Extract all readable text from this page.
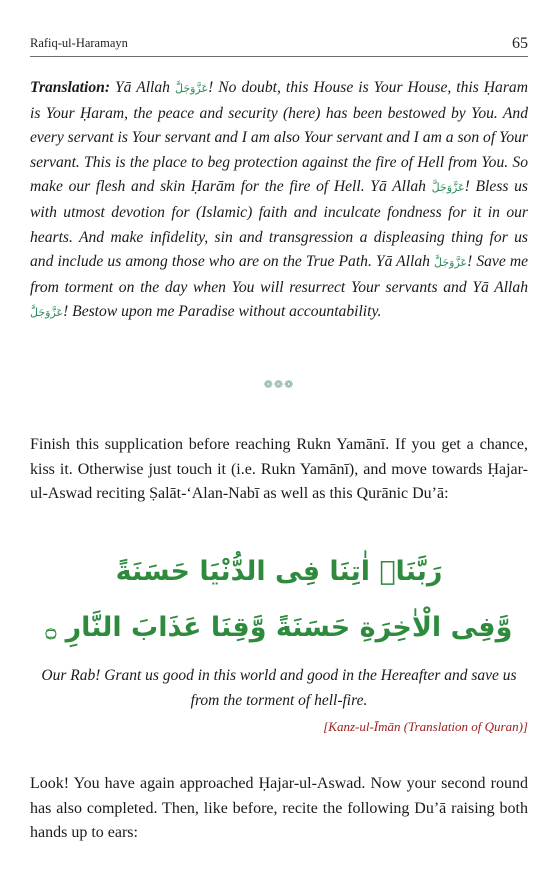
Rafiq-ul-Haramayn	65

Translation: Yā Allah عَزَّوَجَلَّ! No doubt, this House is Your House, this Ḥaram is Your Ḥaram, the peace and security (here) has been bestowed by You. And every servant is Your servant and I am also Your servant and I am a son of Your servant. This is the place to beg protection against the fire of Hell from You. So make our flesh and skin Ḥarām for the fire of Hell. Yā Allah عَزَّوَجَلَّ! Bless us with utmost devotion for (Islamic) faith and inculcate fondness for it in our hearts. And make infidelity, sin and transgression a displeasing thing for us and include us among those who are on the True Path. Yā Allah عَزَّوَجَلَّ! Save me from torment on the day when You will resurrect Your servants and Yā Allah عَزَّوَجَلَّ! Bestow upon me Paradise without accountability.

❁❁❁

Finish this supplication before reaching Rukn Yamānī. If you get a chance, kiss it. Otherwise just touch it (i.e. Rukn Yamānī), and move towards Ḥajar-ul-Aswad reciting Ṣalāt-‘Alan-Nabī as well as this Qurānic Du’ā:

رَبَّنَاۤ اٰتِنَا فِی الدُّنْیَا حَسَنَةً
وَّفِی الْاٰخِرَةِ حَسَنَةً وَّقِنَا عَذَابَ النَّارِ ۝

Our Rab! Grant us good in this world and good in the Hereafter and save us from the torment of hell-fire.

[Kanz-ul-Īmān (Translation of Quran)]

Look! You have again approached Ḥajar-ul-Aswad. Now your second round has also completed. Then, like before, recite the following Du’ā raising both hands up to ears:
